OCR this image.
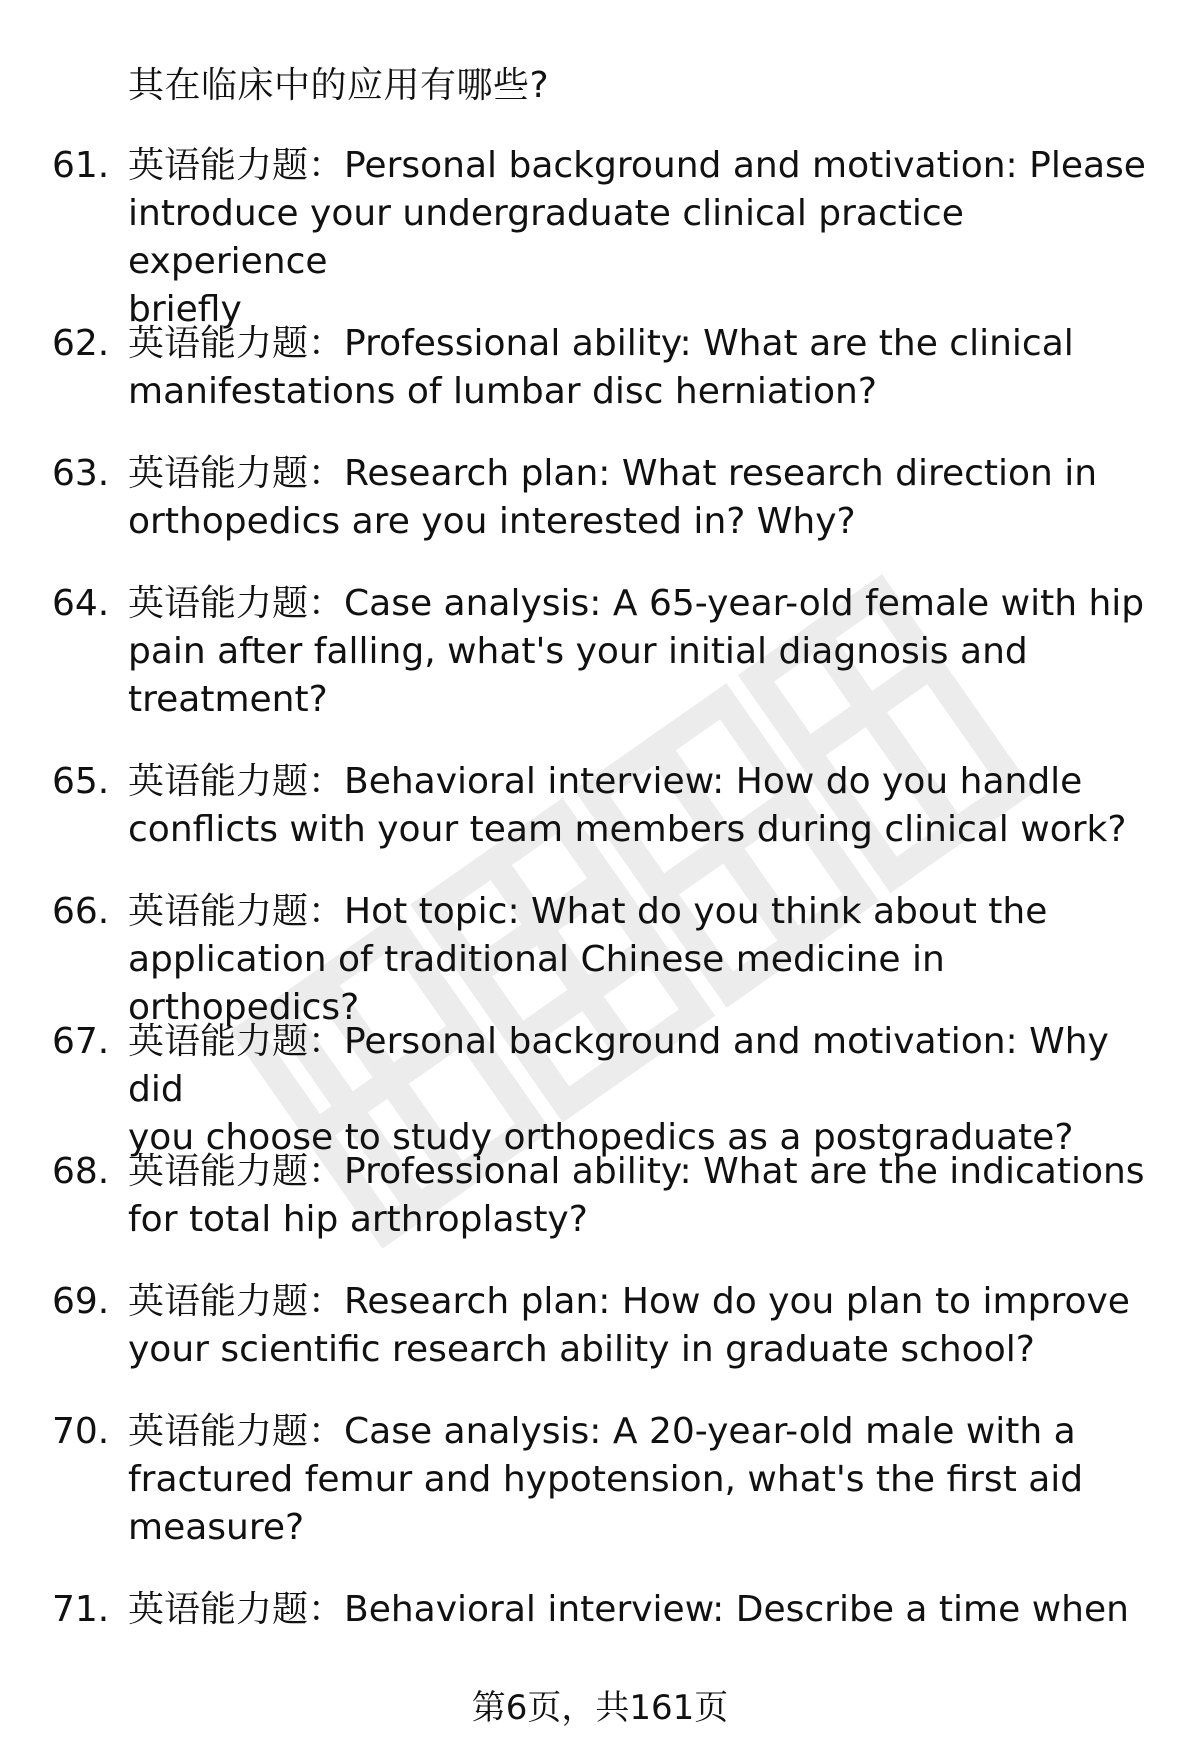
其在临床中的应用有哪些?
61. 英语能力题：Personal background and motivation: Please
introduce your undergraduate clinical practice experience
briefly
62. 英语能力题：Professional ability: What are the clinical
manifestations of lumbar disc herniation?
63. 英语能力题：Research plan: What research direction in
orthopedics are you interested in? Why?
64. 英语能力题：Case analysis: A 65-year-old female with hip
pain after falling, what's your initial diagnosis and
treatment?
65. 英语能力题：Behavioral interview: How do you handle
conflicts with your team members during clinical work?
66. 英语能力题：Hot topic: What do you think about the
application of traditional Chinese medicine in orthopedics?
67. 英语能力题：Personal background and motivation: Why did
you choose to study orthopedics as a postgraduate?
68. 英语能力题：Professional ability: What are the indications
for total hip arthroplasty?
69. 英语能力题：Research plan: How do you plan to improve
your scientific research ability in graduate school?
70. 英语能力题：Case analysis: A 20-year-old male with a
fractured femur and hypotension, what's the first aid
measure?
71. 英语能力题：Behavioral interview: Describe a time when
第6页，共161页
